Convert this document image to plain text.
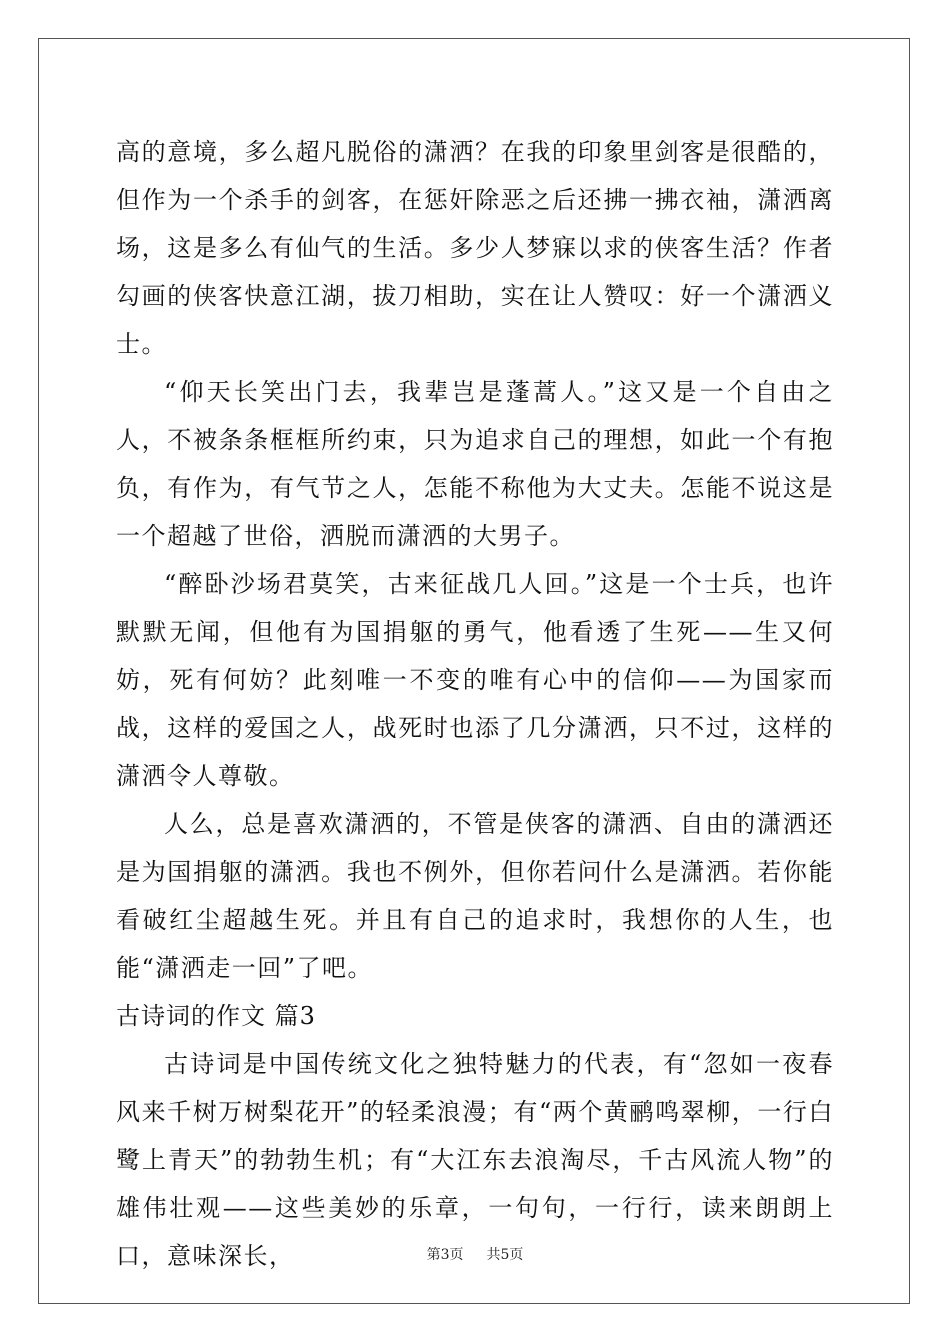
高的意境，多么超凡脱俗的潇洒？在我的印象里剑客是很酷的，但作为一个杀手的剑客，在惩奸除恶之后还拂一拂衣袖，潇洒离场，这是多么有仙气的生活。多少人梦寐以求的侠客生活？作者勾画的侠客快意江湖，拔刀相助，实在让人赞叹：好一个潇洒义士。

“仰天长笑出门去，我辈岂是蓬蒿人。”这又是一个自由之人，不被条条框框所约束，只为追求自己的理想，如此一个有抱负，有作为，有气节之人，怎能不称他为大丈夫。怎能不说这是一个超越了世俗，洒脱而潇洒的大男子。

“醉卧沙场君莫笑，古来征战几人回。”这是一个士兵，也许默默无闻，但他有为国捐躯的勇气，他看透了生死——生又何妨，死有何妨？此刻唯一不变的唯有心中的信仰——为国家而战，这样的爱国之人，战死时也添了几分潇洒，只不过，这样的潇洒令人尊敬。

人么，总是喜欢潇洒的，不管是侠客的潇洒、自由的潇洒还是为国捐躯的潇洒。我也不例外，但你若问什么是潇洒。若你能看破红尘超越生死。并且有自己的追求时，我想你的人生，也能“潇洒走一回”了吧。

古诗词的作文 篇3

古诗词是中国传统文化之独特魅力的代表，有“忽如一夜春风来千树万树梨花开”的轻柔浪漫；有“两个黄鹂鸣翠柳，一行白鹭上青天”的勃勃生机；有“大江东去浪淘尽，千古风流人物”的雄伟壮观——这些美妙的乐章，一句句，一行行，读来朗朗上口，意味深长，	第3页 共5页
